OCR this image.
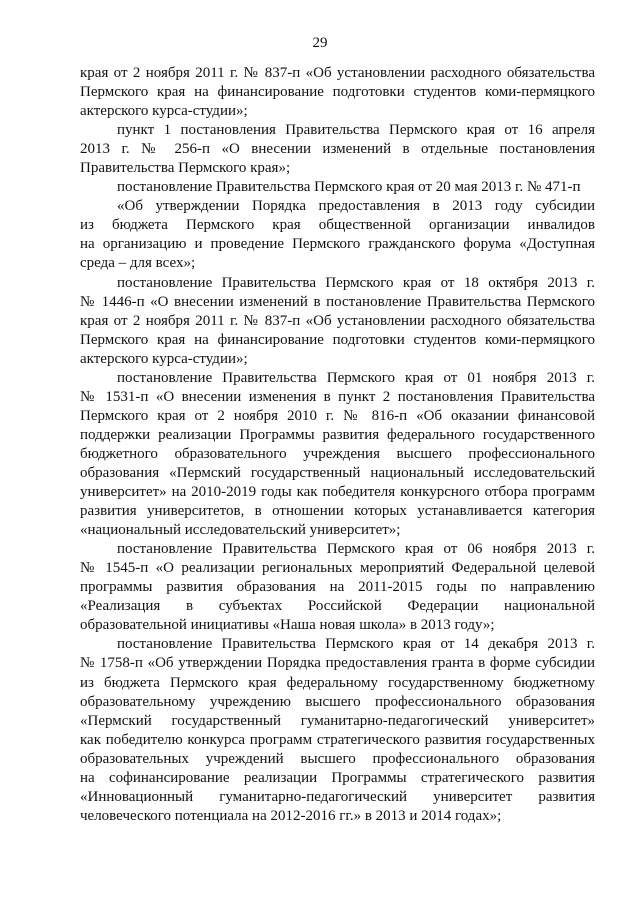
29
края от 2 ноября 2011 г. № 837-п «Об установлении расходного обязательства
Пермского края на финансирование подготовки студентов коми-пермяцкого
актерского курса-студии»;
пункт 1 постановления Правительства Пермского края от 16 апреля
2013 г. № 256-п «О внесении изменений в отдельные постановления
Правительства Пермского края»;
постановление Правительства Пермского края от 20 мая 2013 г. № 471-п
«Об утверждении Порядка предоставления в 2013 году субсидии
из бюджета Пермского края общественной организации инвалидов
на организацию и проведение Пермского гражданского форума «Доступная
среда – для всех»;
постановление Правительства Пермского края от 18 октября 2013 г.
№ 1446-п «О внесении изменений в постановление Правительства Пермского
края от 2 ноября 2011 г. № 837-п «Об установлении расходного обязательства
Пермского края на финансирование подготовки студентов коми-пермяцкого
актерского курса-студии»;
постановление Правительства Пермского края от 01 ноября 2013 г.
№ 1531-п «О внесении изменения в пункт 2 постановления Правительства
Пермского края от 2 ноября 2010 г. № 816-п «Об оказании финансовой
поддержки реализации Программы развития федерального государственного
бюджетного образовательного учреждения высшего профессионального
образования «Пермский государственный национальный исследовательский
университет» на 2010-2019 годы как победителя конкурсного отбора программ
развития университетов, в отношении которых устанавливается категория
«национальный исследовательский университет»;
постановление Правительства Пермского края от 06 ноября 2013 г.
№ 1545-п «О реализации региональных мероприятий Федеральной целевой
программы развития образования на 2011-2015 годы по направлению
«Реализация в субъектах Российской Федерации национальной
образовательной инициативы «Наша новая школа» в 2013 году»;
постановление Правительства Пермского края от 14 декабря 2013 г.
№ 1758-п «Об утверждении Порядка предоставления гранта в форме субсидии
из бюджета Пермского края федеральному государственному бюджетному
образовательному учреждению высшего профессионального образования
«Пермский государственный гуманитарно-педагогический университет»
как победителю конкурса программ стратегического развития государственных
образовательных учреждений высшего профессионального образования
на софинансирование реализации Программы стратегического развития
«Инновационный гуманитарно-педагогический университет развития
человеческого потенциала на 2012-2016 гг.» в 2013 и 2014 годах»;
